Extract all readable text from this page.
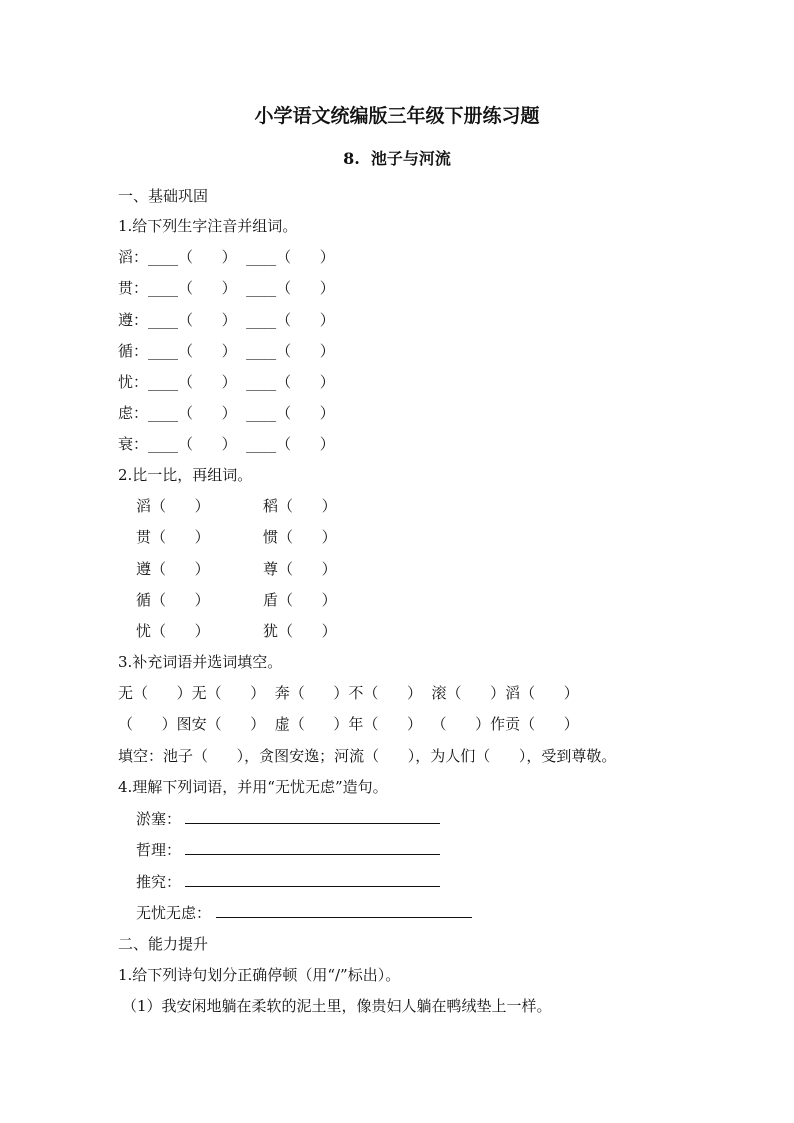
小学语文统编版三年级下册练习题
8.  池子与河流
一、基础巩固
1.给下列生字注音并组词。
滔：____（      ）  ____（      ）
贯：____（      ）  ____（      ）
遵：____（      ）  ____（      ）
循：____（      ）  ____（      ）
忧：____（      ）  ____（      ）
虑：____（      ）  ____（      ）
衰：____（      ）  ____（      ）
2.比一比，再组词。
滔（      ）	稻（      ）
贯（      ）	惯（      ）
遵（      ）	尊（      ）
循（      ）	盾（      ）
忧（      ）	犹（      ）
3.补充词语并选词填空。
无（      ）无（      ）  奔（      ）不（      ）  滚（      ）滔（      ）
（      ）图安（      ）  虚（      ）年（      ）  （      ）作贡（      ）
填空：池子（      ），贪图安逸；河流（      ），为人们（      ），受到尊敬。
4.理解下列词语，并用“无忧无虑”造句。
淤塞：
哲理：
推究：
无忧无虑：
二、能力提升
1.给下列诗句划分正确停顿（用“/”标出）。
（1）我安闲地躺在柔软的泥土里，像贵妇人躺在鸭绒垫上一样。
